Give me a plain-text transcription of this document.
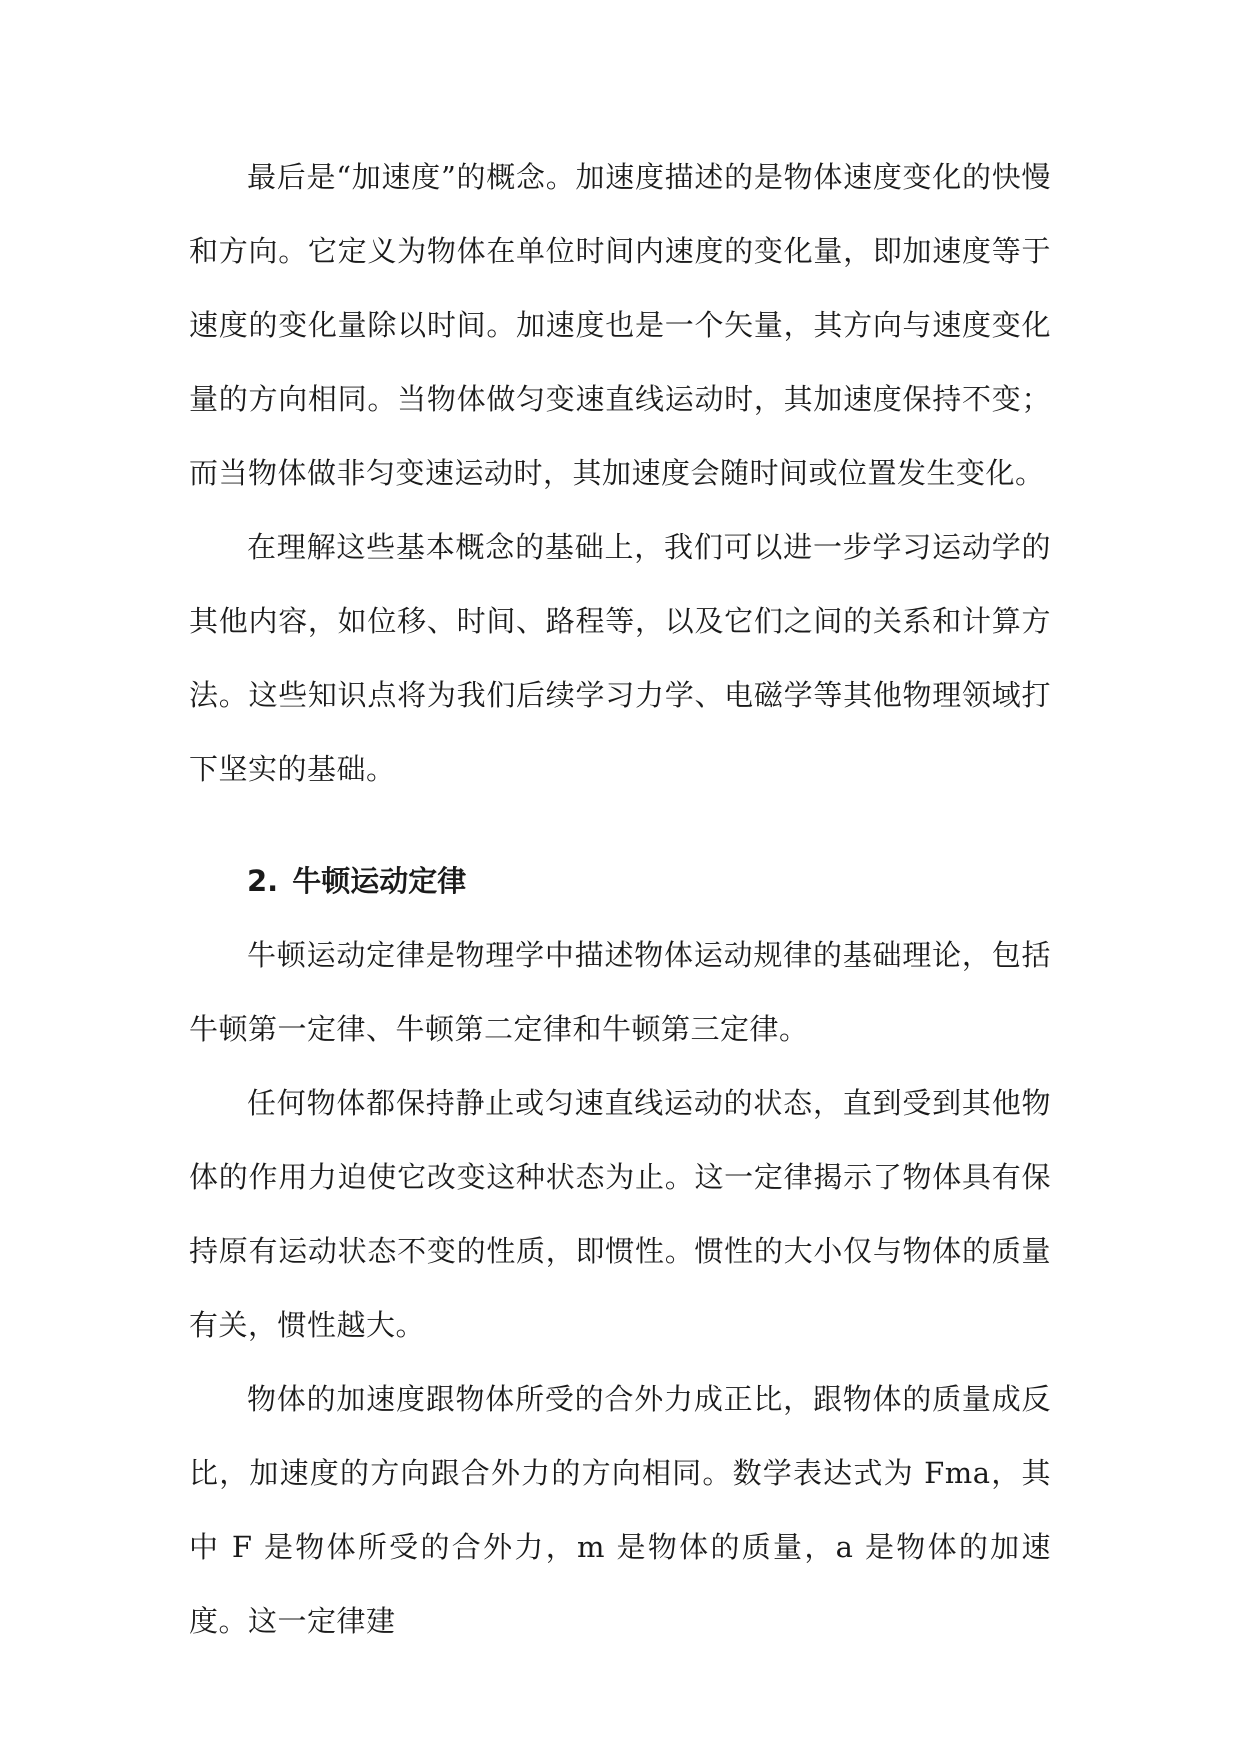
最后是“加速度”的概念。加速度描述的是物体速度变化的快慢和方向。它定义为物体在单位时间内速度的变化量，即加速度等于速度的变化量除以时间。加速度也是一个矢量，其方向与速度变化量的方向相同。当物体做匀变速直线运动时，其加速度保持不变；而当物体做非匀变速运动时，其加速度会随时间或位置发生变化。

在理解这些基本概念的基础上，我们可以进一步学习运动学的其他内容，如位移、时间、路程等，以及它们之间的关系和计算方法。这些知识点将为我们后续学习力学、电磁学等其他物理领域打下坚实的基础。

2. 牛顿运动定律

牛顿运动定律是物理学中描述物体运动规律的基础理论，包括牛顿第一定律、牛顿第二定律和牛顿第三定律。

任何物体都保持静止或匀速直线运动的状态，直到受到其他物体的作用力迫使它改变这种状态为止。这一定律揭示了物体具有保持原有运动状态不变的性质，即惯性。惯性的大小仅与物体的质量有关，惯性越大。

物体的加速度跟物体所受的合外力成正比，跟物体的质量成反比，加速度的方向跟合外力的方向相同。数学表达式为 Fma，其中 F 是物体所受的合外力，m 是物体的质量，a 是物体的加速度。这一定律建
